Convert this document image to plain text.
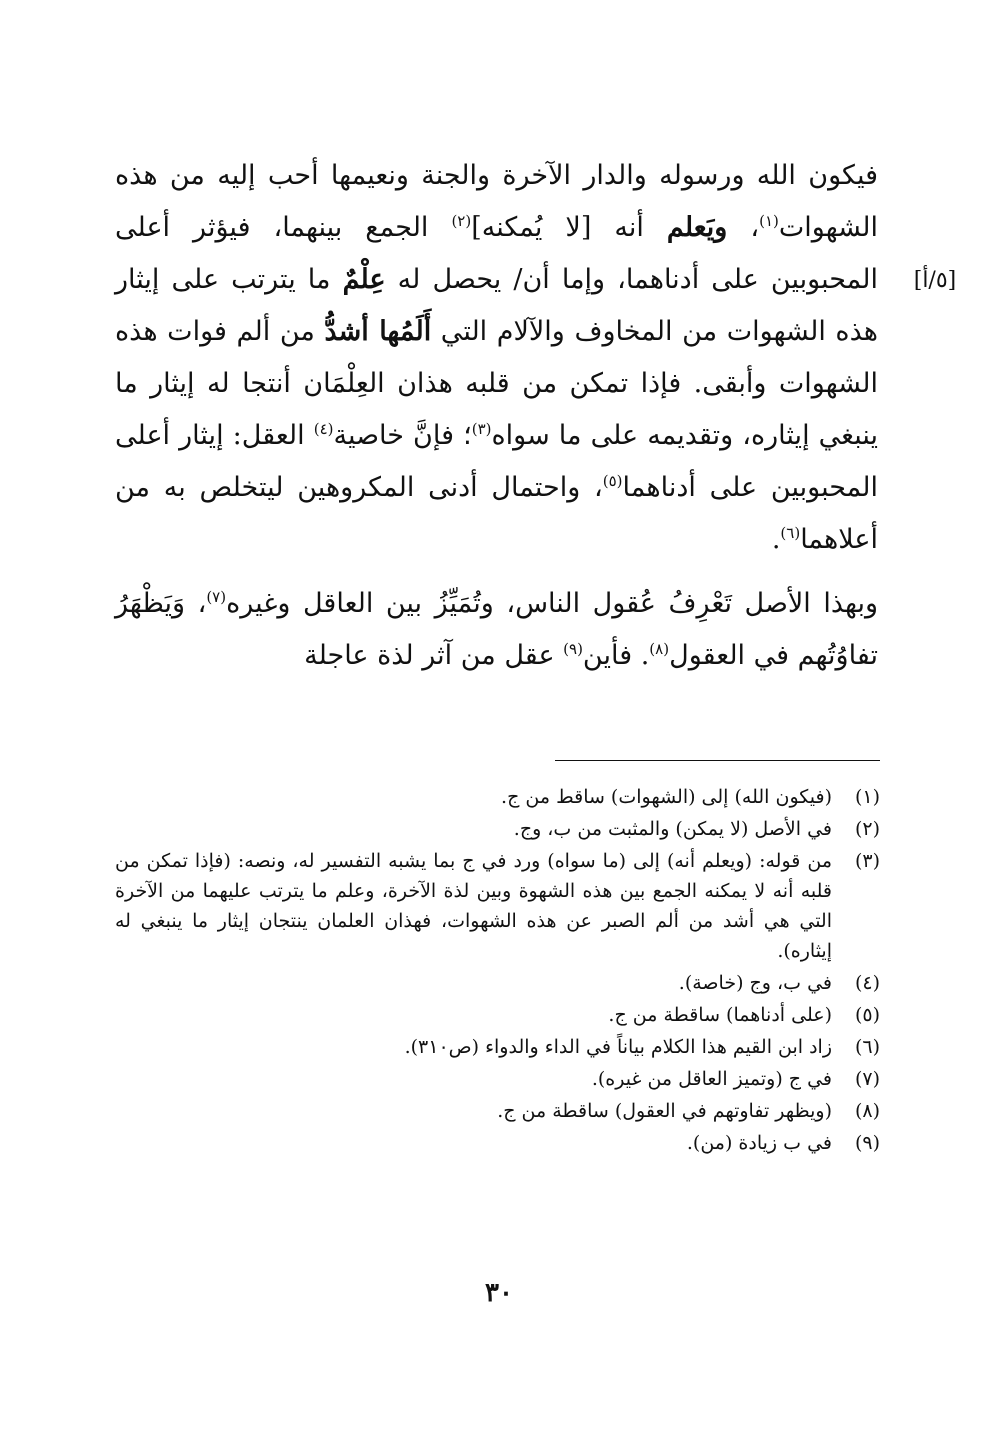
[٥/أ]

فيكون الله ورسوله والدار الآخرة والجنة ونعيمها أحب إليه من هذه الشهوات$^{(١)}$، ويَعلم أنه [لا يُمكنه]$^{(٢)}$ الجمع بينهما، فيؤثر أعلى المحبوبين على أدناهما، وإما أن/ يحصل له عِلْمٌ ما يترتب على إيثار هذه الشهوات من المخاوف والآلام التي أَلَمُها أشدُّ من ألم فوات هذه الشهوات وأبقى. فإذا تمكن من قلبه هذان العِلْمَان أنتجا له إيثار ما ينبغي إيثاره، وتقديمه على ما سواه$^{(٣)}$؛ فإنَّ خاصية$^{(٤)}$ العقل: إيثار أعلى المحبوبين على أدناهما$^{(٥)}$، واحتمال أدنى المكروهين ليتخلص به من أعلاهما$^{(٦)}$.

وبهذا الأصل تَعْرِفُ عُقول الناس، وتُمَيِّزُ بين العاقل وغيره$^{(٧)}$، وَيَظْهَرُ تفاوُتُهم في العقول$^{(٨)}$. فأين$^{(٩)}$ عقل من آثر لذة عاجلة

(١)
(فيكون الله) إلى (الشهوات) ساقط من ج.
(٢)
في الأصل (لا يمكن) والمثبت من ب، وج.
(٣)
من قوله: (ويعلم أنه) إلى (ما سواه) ورد في ج بما يشبه التفسير له، ونصه: (فإذا تمكن من قلبه أنه لا يمكنه الجمع بين هذه الشهوة وبين لذة الآخرة، وعلم ما يترتب عليهما من الآخرة التي هي أشد من ألم الصبر عن هذه الشهوات، فهذان العلمان ينتجان إيثار ما ينبغي له إيثاره).
(٤)
في ب، وج (خاصة).
(٥)
(على أدناهما) ساقطة من ج.
(٦)
زاد ابن القيم هذا الكلام بياناً في الداء والدواء (ص٣١٠).
(٧)
في ج (وتميز العاقل من غيره).
(٨)
(ويظهر تفاوتهم في العقول) ساقطة من ج.
(٩)
في ب زيادة (من).
٣٠
